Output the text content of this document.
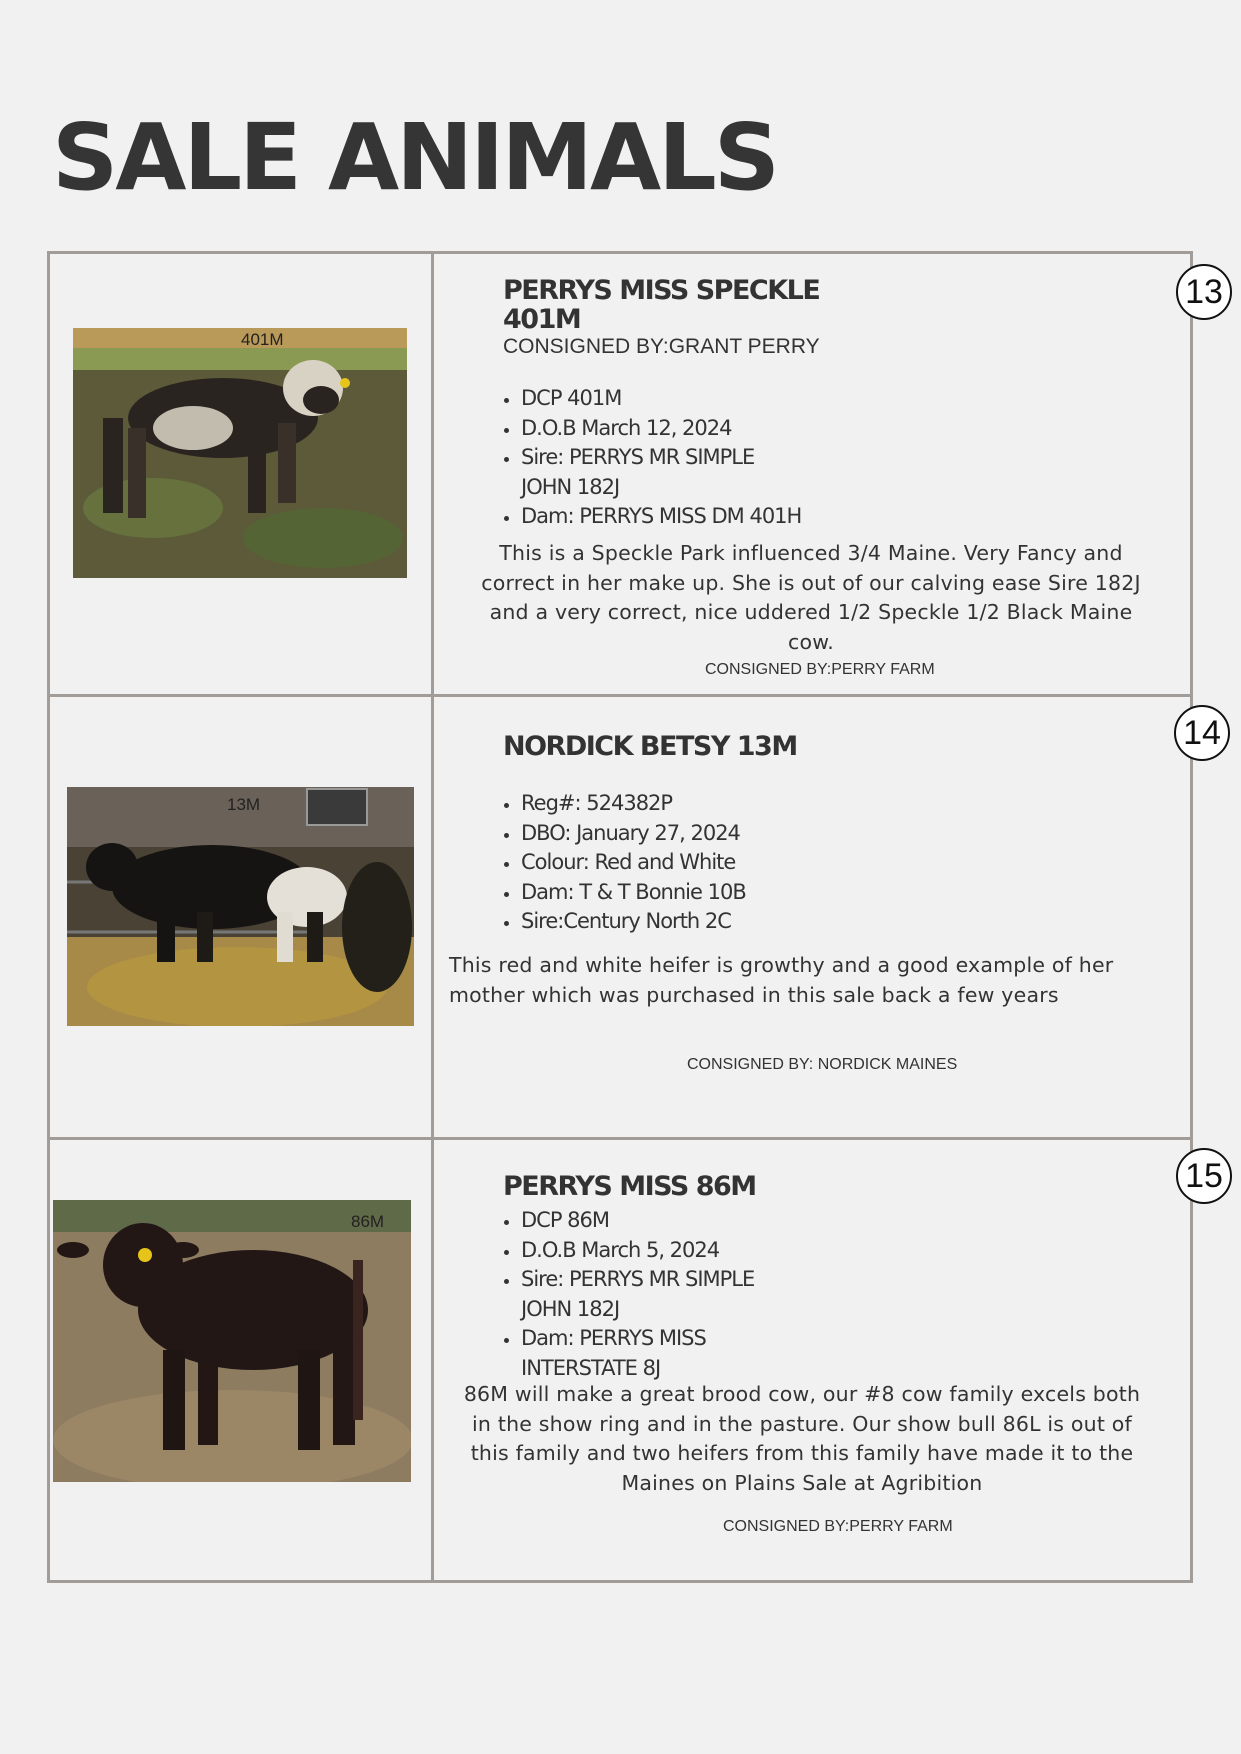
SALE ANIMALS
401M
13
PERRYS MISS SPECKLE
401M
CONSIGNED BY:GRANT PERRY
• DCP 401M
• D.O.B March 12, 2024
• Sire: PERRYS MR SIMPLE
JOHN 182J
• Dam: PERRYS MISS DM 401H
This is a Speckle Park influenced 3/4 Maine. Very Fancy and
correct in her make up. She is out of our calving ease Sire 182J
and a very correct, nice uddered 1/2 Speckle 1/2 Black Maine
cow.
CONSIGNED BY:PERRY FARM
13M
14
NORDICK BETSY 13M
• Reg#: 524382P
• DBO: January 27, 2024
• Colour: Red and White
• Dam: T & T Bonnie 10B
• Sire:Century North 2C
This red and white heifer is growthy and a good example of her
mother which was purchased in this sale back a few years
CONSIGNED BY: NORDICK MAINES
86M
15
PERRYS MISS 86M
• DCP 86M
• D.O.B March 5, 2024
• Sire: PERRYS MR SIMPLE
JOHN 182J
• Dam: PERRYS MISS
INTERSTATE 8J
86M will make a great brood cow, our #8 cow family excels both
in the show ring and in the pasture. Our show bull 86L is out of
this family and two heifers from this family have made it to the
Maines on Plains Sale at Agribition
CONSIGNED BY:PERRY FARM
